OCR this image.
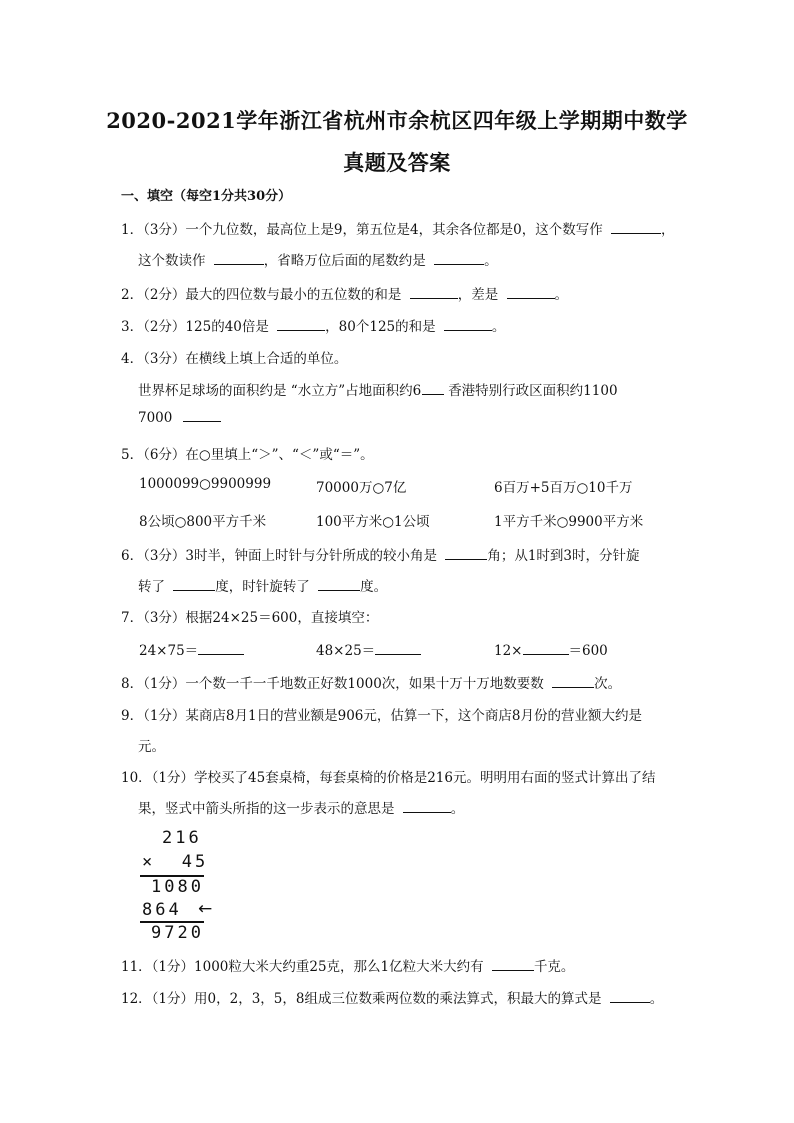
2020-2021学年浙江省杭州市余杭区四年级上学期期中数学
真题及答案
一、填空（每空1分共30分）
1．（3分）一个九位数，最高位上是9，第五位是4，其余各位都是0，这个数写作	，
这个数读作	，省略万位后面的尾数约是	。
2．（2分）最大的四位数与最小的五位数的和是	，差是	。
3．（2分）125的40倍是	，80个125的和是	。
4．（3分）在横线上填上合适的单位。
世界杯足球场的面积约是 “水立方”占地面积约6 香港特别行政区面积约1100
7000
5．（6分）在○里填上“＞”、“＜”或“＝”。
1000099○9900999	70000万○7亿	6百万+5百万○10千万
8公顷○800平方千米	100平方米○1公顷	1平方千米○9900平方米
6．（3分）3时半，钟面上时针与分针所成的较小角是	角；从1时到3时，分针旋
转了	度，时针旋转了	度。
7．（3分）根据24×25＝600，直接填空：
24×75＝	48×25＝	12×	＝600
8．（1分）一个数一千一千地数正好数1000次，如果十万十万地数要数	次。
9．（1分）某商店8月1日的营业额是906元，估算一下，这个商店8月份的营业额大约是
元。
10．（1分）学校买了45套桌椅，每套桌椅的价格是216元。明明用右面的竖式计算出了结
果，竖式中箭头所指的这一步表示的意思是	。
216
×  45
1080
864 ←
9720
11．（1分）1000粒大米大约重25克，那么1亿粒大米大约有	千克。
12．（1分）用0，2，3，5，8组成三位数乘两位数的乘法算式，积最大的算式是	。
